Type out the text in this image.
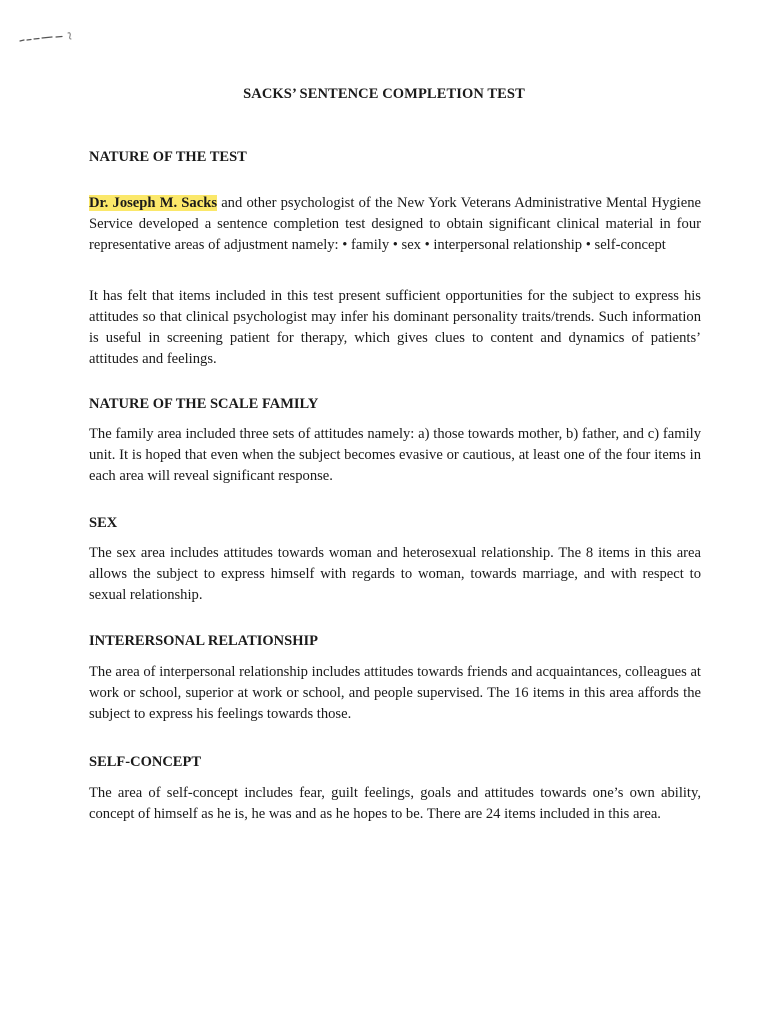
SACKS’ SENTENCE COMPLETION TEST
NATURE OF THE TEST
Dr. Joseph M. Sacks and other psychologist of the New York Veterans Administrative Mental Hygiene Service developed a sentence completion test designed to obtain significant clinical material in four representative areas of adjustment namely: • family • sex • interpersonal relationship • self-concept
It has felt that items included in this test present sufficient opportunities for the subject to express his attitudes so that clinical psychologist may infer his dominant personality traits/trends. Such information is useful in screening patient for therapy, which gives clues to content and dynamics of patients’ attitudes and feelings.
NATURE OF THE SCALE FAMILY
The family area included three sets of attitudes namely: a) those towards mother, b) father, and c) family unit. It is hoped that even when the subject becomes evasive or cautious, at least one of the four items in each area will reveal significant response.
SEX
The sex area includes attitudes towards woman and heterosexual relationship. The 8 items in this area allows the subject to express himself with regards to woman, towards marriage, and with respect to sexual relationship.
INTERERSONAL RELATIONSHIP
The area of interpersonal relationship includes attitudes towards friends and acquaintances, colleagues at work or school, superior at work or school, and people supervised. The 16 items in this area affords the subject to express his feelings towards those.
SELF-CONCEPT
The area of self-concept includes fear, guilt feelings, goals and attitudes towards one’s own ability, concept of himself as he is, he was and as he hopes to be. There are 24 items included in this area.
